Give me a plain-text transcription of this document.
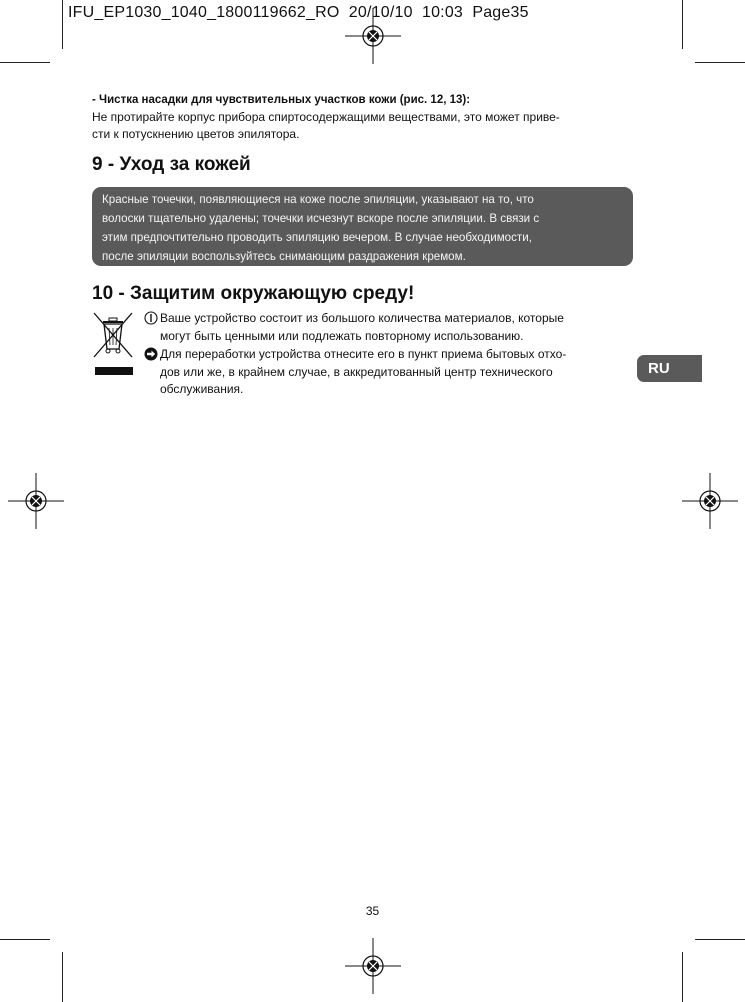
IFU_EP1030_1040_1800119662_RO 20/10/10 10:03 Page35
- Чистка насадки для чувствительных участков кожи (рис. 12, 13):
Не протирайте корпус прибора спиртосодержащими веществами, это может приве-
сти к потускнению цветов эпилятора.
9 - Уход за кожей
Красные точечки, появляющиеся на коже после эпиляции, указывают на то, что
волоски тщательно удалены; точечки исчезнут вскоре после эпиляции. В связи с
этим предпочтительно проводить эпиляцию вечером. В случае необходимости,
после эпиляции воспользуйтесь снимающим раздражения кремом.
10 - Защитим окружающую среду!
Ваше устройство состоит из большого количества материалов, которые
могут быть ценными или подлежать повторному использованию.
Для переработки устройства отнесите его в пункт приема бытовых отхо-
дов или же, в крайнем случае, в аккредитованный центр технического
обслуживания.
RU
35
